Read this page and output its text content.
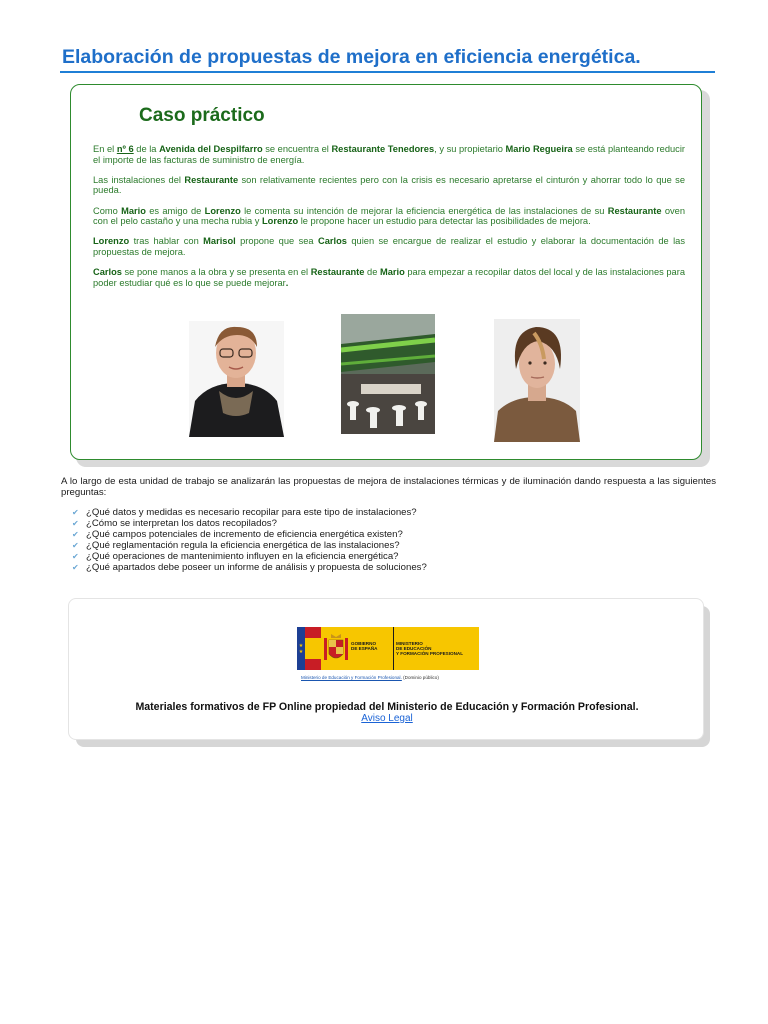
Elaboración de propuestas de mejora en eficiencia energética.
Caso práctico

En el nº 6 de la Avenida del Despilfarro se encuentra el Restaurante Tenedores, y su propietario Mario Regueira se está planteando reducir el importe de las facturas de suministro de energía.

Las instalaciones del Restaurante son relativamente recientes pero con la crisis es necesario apretarse el cinturón y ahorrar todo lo que se pueda.

Como Mario es amigo de Lorenzo le comenta su intención de mejorar la eficiencia energética de las instalaciones de su Restaurante oven con el pelo castaño y una mecha rubia y Lorenzo le propone hacer un estudio para detectar las posibilidades de mejora.

Lorenzo tras hablar con Marisol propone que sea Carlos quien se encargue de realizar el estudio y elaborar la documentación de las propuestas de mejora.

Carlos se pone manos a la obra y se presenta en el Restaurante de Mario para empezar a recopilar datos del local y de las instalaciones para poder estudiar qué es lo que se puede mejorar.

A lo largo de esta unidad de trabajo se analizarán las propuestas de mejora de instalaciones térmicas y de iluminación dando respuesta a las siguientes preguntas:

✔ ¿Qué datos y medidas es necesario recopilar para este tipo de instalaciones?
✔ ¿Cómo se interpretan los datos recopilados?
✔ ¿Qué campos potenciales de incremento de eficiencia energética existen?
✔ ¿Qué reglamentación regula la eficiencia energética de las instalaciones?
✔ ¿Qué operaciones de mantenimiento influyen en la eficiencia energética?
✔ ¿Qué apartados debe poseer un informe de análisis y propuesta de soluciones?
★
★
GOBIERNO
DE ESPAÑA
MINISTERIO
DE EDUCACIÓN
Y FORMACIÓN PROFESIONAL
Ministerio de Educación y Formación Profesional. (Dominio público)

Materiales formativos de FP Online propiedad del Ministerio de Educación y Formación Profesional.

Aviso Legal
